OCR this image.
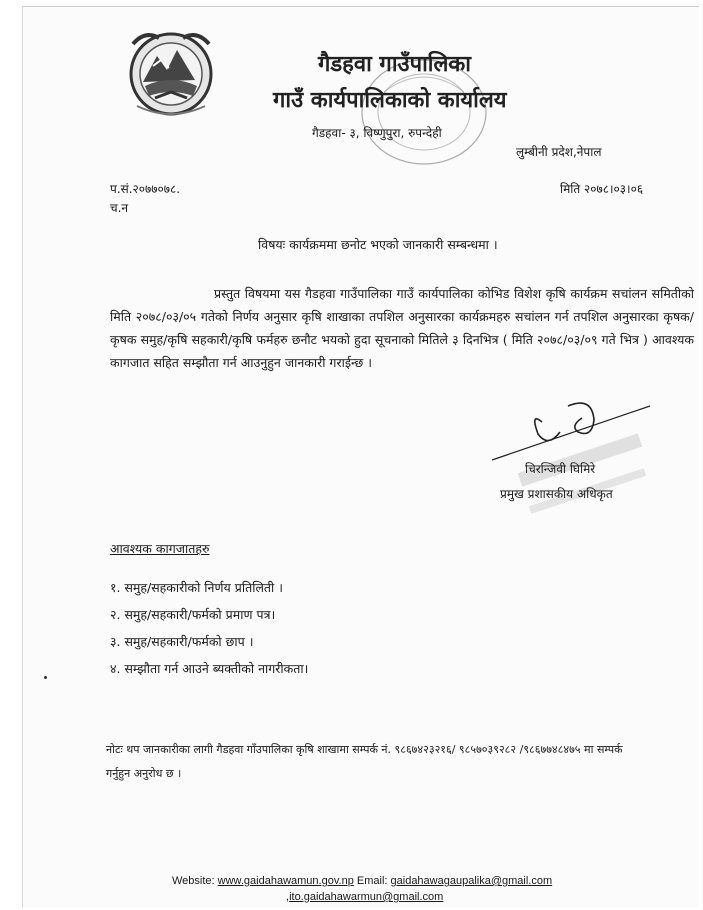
गैडहवा गाउँपालिका
गाउँ कार्यपालिकाको कार्यालय
गैडहवा- ३, विष्णुपुरा, रुपन्देही
लुम्बीनी प्रदेश,नेपाल
प.सं.२०७७०७८.
च.न
मिति २०७८।०३।०६
विषयः कार्यक्रममा छनोट भएको जानकारी सम्बन्धमा ।
प्रस्तुत विषयमा यस गैडहवा गाउँपालिका गाउँ कार्यपालिका कोभिड विशेश कृषि कार्यक्रम सचांलन समितीको मिति २०७८/०३/०५ गतेको निर्णय अनुसार कृषि शाखाका तपशिल अनुसारका कार्यक्रमहरु सचांलन गर्न तपशिल अनुसारका कृषक/कृषक समुह/कृषि सहकारी/कृषि फर्महरु छनौट भयको हुदा सूचनाको मितिले ३ दिनभित्र ( मिति २०७८/०३/०९ गते भित्र ) आवश्यक कागजात सहित सम्झौता गर्न आउनुहुन जानकारी गराईन्छ ।
चिरन्जिवी घिमिरे
प्रमुख प्रशासकीय अधिकृत
आवश्यक कागजातहरु
१. समुह/सहकारीको निर्णय प्रतिलिती ।
२. समुह/सहकारी/फर्मको प्रमाण पत्र।
३. समुह/सहकारी/फर्मको छाप ।
४. सम्झौता गर्न आउने ब्यक्तीको नागरीकता।
नोटः थप जानकारीका लागी गैडहवा गाँउपालिका कृषि शाखामा सम्पर्क नं. ९८६७४२३२१६/ ९८५७०३९२८२ /९८६७७४८४७५ मा सम्पर्क गर्नुहुन अनुरोध छ ।
Website: www.gaidahawamun.gov.np Email: gaidahawagaupalika@gmail.com
,ito.gaidahawarmun@gmail.com
